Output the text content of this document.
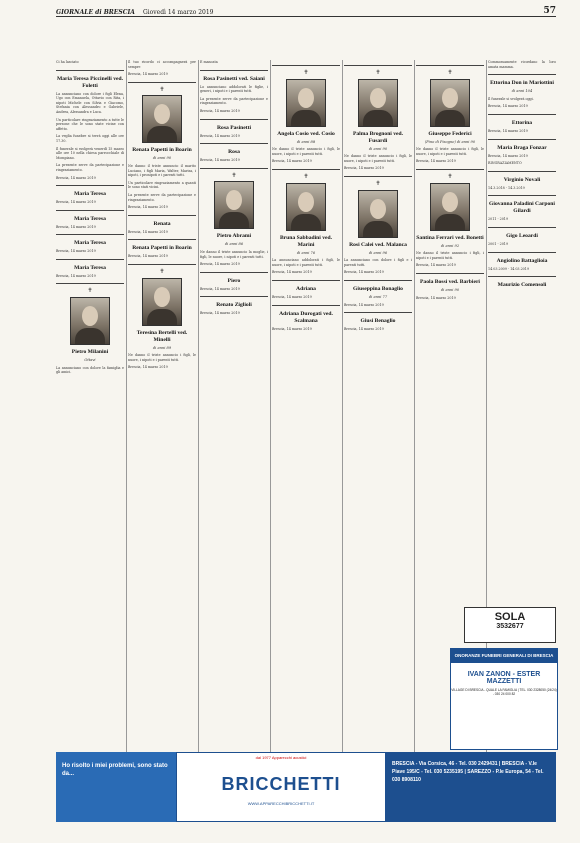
GIORNALE di BRESCIA Giovedì 14 marzo 2019	57

Ci ha lasciato

Maria Teresa Piccinelli ved. Foletti

La annunciano con dolore i figli Elena, Ugo con Emanuela, Ottavio con Rita, i nipoti Michele con Silvia e Giacomo, Stefania con Alessandro e Gabriele, Andrea, Alessandra e Luca.

Un particolare ringraziamento a tutte le persone che le sono state vicine con affetto.

La veglia funebre si terrà oggi alle ore 17.30.

Il funerale si svolgerà venerdì 15 marzo alle ore 10 nella chiesa parrocchiale di Mompiano.

La presente serve da partecipazione e ringraziamento.

Brescia, 14 marzo 2019

Maria Teresa

Brescia, 14 marzo 2019

Maria Teresa

Brescia, 14 marzo 2019

Maria Teresa

Brescia, 14 marzo 2019

Maria Teresa

Brescia, 14 marzo 2019

✝
Pietro Milanini
Ottavi

La annunciano con dolore la famiglia e gli amici.

Il tuo ricordo ci accompagnerà per sempre

Brescia, 14 marzo 2019

✝
Renata Papetti in Boarin
di anni 90

Ne danno il triste annuncio il marito Luciano, i figli Maria, Walter, Marisa, i nipoti, i pronipoti e i parenti tutti.

Un particolare ringraziamento a quanti le sono stati vicini.

La presente serve da partecipazione e ringraziamento.

Brescia, 14 marzo 2019

Renata

Brescia, 14 marzo 2019

Renata Papetti in Boarin

Brescia, 14 marzo 2019

✝
Teresina Bertelli ved. Minelli
di anni 89

Ne danno il triste annuncio i figli, le nuore, i nipoti e i parenti tutti.

Brescia, 14 marzo 2019

È mancata

Rosa Pasinetti ved. Saiani

Lo annunciano addolorati le figlie, i generi, i nipoti e i parenti tutti.

La presente serve da partecipazione e ringraziamento.

Brescia, 14 marzo 2019

Rosa Pasinetti

Brescia, 14 marzo 2019

Rosa

Brescia, 14 marzo 2019

✝
Pietro Abrami
di anni 86

Ne danno il triste annuncio la moglie, i figli, le nuore, i nipoti e i parenti tutti.

Brescia, 14 marzo 2019

Piero

Brescia, 14 marzo 2019

Renato Ziglioli

Brescia, 14 marzo 2019

✝
Angela Cosio ved. Cosio
di anni 88

Ne danno il triste annuncio i figli, le nuore, i nipoti e i parenti tutti.

Brescia, 14 marzo 2019

✝
Bruna Sabbadini ved. Marini
di anni 76

La annunciano addolorati i figli, le nuore, i nipoti e i parenti tutti.

Brescia, 14 marzo 2019

Adriana

Brescia, 14 marzo 2019

Adriana Durogati ved. Scalmana

Brescia, 14 marzo 2019

✝
Palma Brognoni ved. Fusardi
di anni 90

Ne danno il triste annuncio i figli, le nuore, i nipoti e i parenti tutti.

Brescia, 14 marzo 2019

✝
Rosi Calei ved. Malanca
di anni 96

La annunciano con dolore i figli e i parenti tutti.

Brescia, 14 marzo 2019

Giuseppina Bonaglio
di anni 77

Brescia, 14 marzo 2019

Giusi Benaglio

Brescia, 14 marzo 2019

✝
Giuseppe Federici
(Pino di Pisogne) di anni 90

Ne danno il triste annuncio i figli, le nuore, i nipoti e i parenti tutti.

Brescia, 14 marzo 2019

✝
Santina Ferrari ved. Bonetti
di anni 92

Ne danno il triste annuncio i figli, i nipoti e i parenti tutti.

Brescia, 14 marzo 2019

Paola Bossi ved. Barbieri
di anni 90

Brescia, 14 marzo 2019

Commossamente ricordano la loro amata mamma.

Ettorina Don in Mariottini
di anni 104

Il funerale si svolgerà oggi.

Brescia, 14 marzo 2019

Ettorina

Brescia, 14 marzo 2019

Maria Braga Fonzar

Brescia, 14 marzo 2019

RINGRAZIAMENTO

Virginio Novali

14.3.2018 - 14.3.2019

Giovanna Paladini Carponi Gilardi

2011 - 2019

Gigo Leoardi

2001 - 2019

Angiolino Battaglioia

14.03.2009 - 14.03.2019

Maurizio Comensoli
ONORANZE FUNEBRI GENERALI DI BRESCIA
IVAN ZANON - ESTER MAZZETTI
VILLAGE DI BRESCIA - QUALE LA FAMIGLIA | TEL. 030 2328050 (24/24) - 030 24 000 82
SOLA
3532677
Ho risolto i miei problemi, sono stato da...
dal 1977 Apparecchi acustici
BRICCHETTI
WWW.APPARECCHIBRICCHETTI.IT
BRESCIA - Via Corsica, 46 - Tel. 030 2429431 | BRESCIA - V.le Piave 195/C - Tel. 030 5235195 | SAREZZO - P.le Europa, 54 - Tel. 030 8908110
